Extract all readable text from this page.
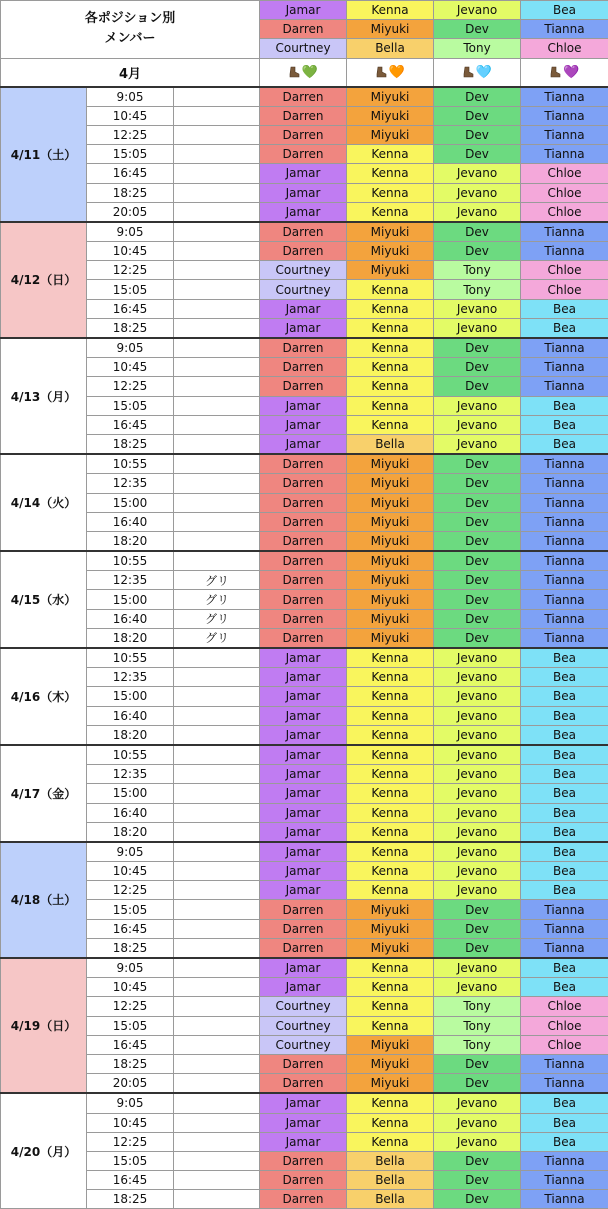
各ポジション別
メンバー			Jamar	Kenna	Jevano	Bea
			Darren	Miyuki	Dev	Tianna
			Courtney	Bella	Tony	Chloe
4月			💚	🧡	🩵	💜
4/11（土）	9:05		Darren	Miyuki	Dev	Tianna
	10:45		Darren	Miyuki	Dev	Tianna
	12:25		Darren	Miyuki	Dev	Tianna
	15:05		Darren	Kenna	Dev	Tianna
	16:45		Jamar	Kenna	Jevano	Chloe
	18:25		Jamar	Kenna	Jevano	Chloe
	20:05		Jamar	Kenna	Jevano	Chloe
4/12（日）	9:05		Darren	Miyuki	Dev	Tianna
	10:45		Darren	Miyuki	Dev	Tianna
	12:25		Courtney	Miyuki	Tony	Chloe
	15:05		Courtney	Kenna	Tony	Chloe
	16:45		Jamar	Kenna	Jevano	Bea
	18:25		Jamar	Kenna	Jevano	Bea
4/13（月）	9:05		Darren	Kenna	Dev	Tianna
	10:45		Darren	Kenna	Dev	Tianna
	12:25		Darren	Kenna	Dev	Tianna
	15:05		Jamar	Kenna	Jevano	Bea
	16:45		Jamar	Kenna	Jevano	Bea
	18:25		Jamar	Bella	Jevano	Bea
4/14（火）	10:55		Darren	Miyuki	Dev	Tianna
	12:35		Darren	Miyuki	Dev	Tianna
	15:00		Darren	Miyuki	Dev	Tianna
	16:40		Darren	Miyuki	Dev	Tianna
	18:20		Darren	Miyuki	Dev	Tianna
4/15（水）	10:55		Darren	Miyuki	Dev	Tianna
	12:35	グリ	Darren	Miyuki	Dev	Tianna
	15:00	グリ	Darren	Miyuki	Dev	Tianna
	16:40	グリ	Darren	Miyuki	Dev	Tianna
	18:20	グリ	Darren	Miyuki	Dev	Tianna
4/16（木）	10:55		Jamar	Kenna	Jevano	Bea
	12:35		Jamar	Kenna	Jevano	Bea
	15:00		Jamar	Kenna	Jevano	Bea
	16:40		Jamar	Kenna	Jevano	Bea
	18:20		Jamar	Kenna	Jevano	Bea
4/17（金）	10:55		Jamar	Kenna	Jevano	Bea
	12:35		Jamar	Kenna	Jevano	Bea
	15:00		Jamar	Kenna	Jevano	Bea
	16:40		Jamar	Kenna	Jevano	Bea
	18:20		Jamar	Kenna	Jevano	Bea
4/18（土）	9:05		Jamar	Kenna	Jevano	Bea
	10:45		Jamar	Kenna	Jevano	Bea
	12:25		Jamar	Kenna	Jevano	Bea
	15:05		Darren	Miyuki	Dev	Tianna
	16:45		Darren	Miyuki	Dev	Tianna
	18:25		Darren	Miyuki	Dev	Tianna
4/19（日）	9:05		Jamar	Kenna	Jevano	Bea
	10:45		Jamar	Kenna	Jevano	Bea
	12:25		Courtney	Kenna	Tony	Chloe
	15:05		Courtney	Kenna	Tony	Chloe
	16:45		Courtney	Miyuki	Tony	Chloe
	18:25		Darren	Miyuki	Dev	Tianna
	20:05		Darren	Miyuki	Dev	Tianna
4/20（月）	9:05		Jamar	Kenna	Jevano	Bea
	10:45		Jamar	Kenna	Jevano	Bea
	12:25		Jamar	Kenna	Jevano	Bea
	15:05		Darren	Bella	Dev	Tianna
	16:45		Darren	Bella	Dev	Tianna
	18:25		Darren	Bella	Dev	Tianna
